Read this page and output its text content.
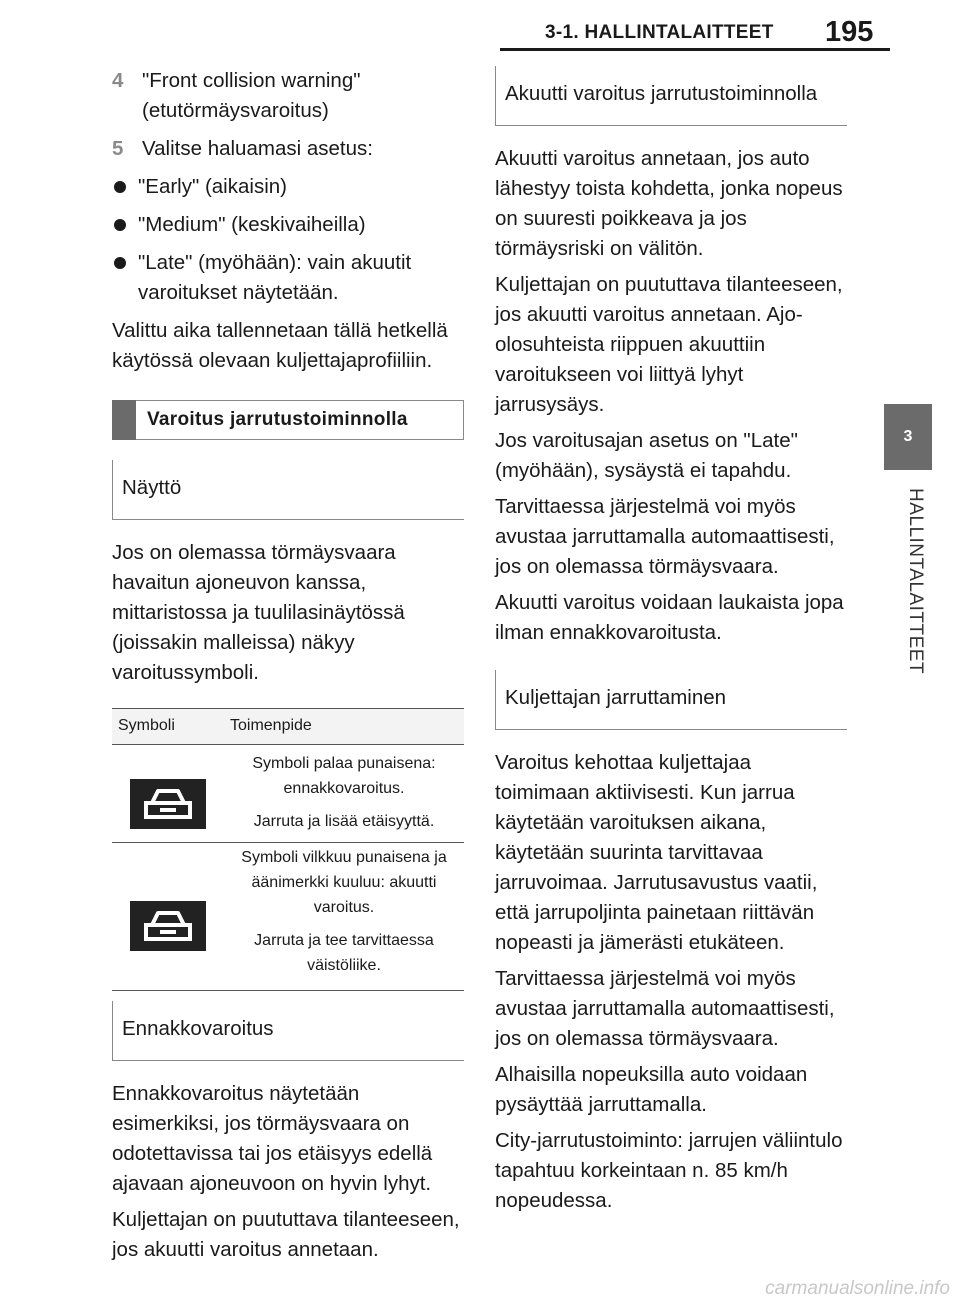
3-1. HALLINTALAITTEET 195
3
HALLINTALAITTEET
4 "Front collision warning" (etutörmäysvaroitus)
5 Valitse haluamasi asetus:
"Early" (aikaisin)
"Medium" (keskivaiheilla)
"Late" (myöhään): vain akuutit varoitukset näytetään.
Valittu aika tallennetaan tällä hetkellä käytössä olevaan kuljettajaprofiiliin.
Varoitus jarrutustoiminnolla
Näyttö
Jos on olemassa törmäysvaara havaitun ajoneuvon kanssa, mittaristossa ja tuulilasinäytössä (joissakin malleissa) näkyy varoitussymboli.
Symboli	Toimenpide

Symboli palaa punaisena: ennakkovaroitus.

Jarruta ja lisää etäisyyttä.

Symboli vilkkuu punaisena ja äänimerkki kuuluu: akuutti varoitus.

Jarruta ja tee tarvittaessa väistöliike.

Ennakkovaroitus
Ennakkovaroitus näytetään esimerkiksi, jos törmäysvaara on odotettavissa tai jos etäisyys edellä ajavaan ajoneuvoon on hyvin lyhyt.
Kuljettajan on puututtava tilanteeseen, jos akuutti varoitus annetaan.
Akuutti varoitus jarrutustoiminnolla
Akuutti varoitus annetaan, jos auto lähestyy toista kohdetta, jonka nopeus on suuresti poikkeava ja jos törmäysriski on välitön.
Kuljettajan on puututtava tilanteeseen, jos akuutti varoitus annetaan. Ajo-olosuhteista riippuen akuuttiin varoitukseen voi liittyä lyhyt jarrusysäys.
Jos varoitusajan asetus on "Late" (myöhään), sysäystä ei tapahdu.
Tarvittaessa järjestelmä voi myös avustaa jarruttamalla automaattisesti, jos on olemassa törmäysvaara.
Akuutti varoitus voidaan laukaista jopa ilman ennakkovaroitusta.
Kuljettajan jarruttaminen
Varoitus kehottaa kuljettajaa toimimaan aktiivisesti. Kun jarrua käytetään varoituksen aikana, käytetään suurinta tarvittavaa jarruvoimaa. Jarrutusavustus vaatii, että jarrupoljinta painetaan riittävän nopeasti ja jämerästi etukäteen.
Tarvittaessa järjestelmä voi myös avustaa jarruttamalla automaattisesti, jos on olemassa törmäysvaara.
Alhaisilla nopeuksilla auto voidaan pysäyttää jarruttamalla.
City-jarrutustoiminto: jarrujen väliintulo tapahtuu korkeintaan n. 85 km/h nopeudessa.
carmanualsonline.info
